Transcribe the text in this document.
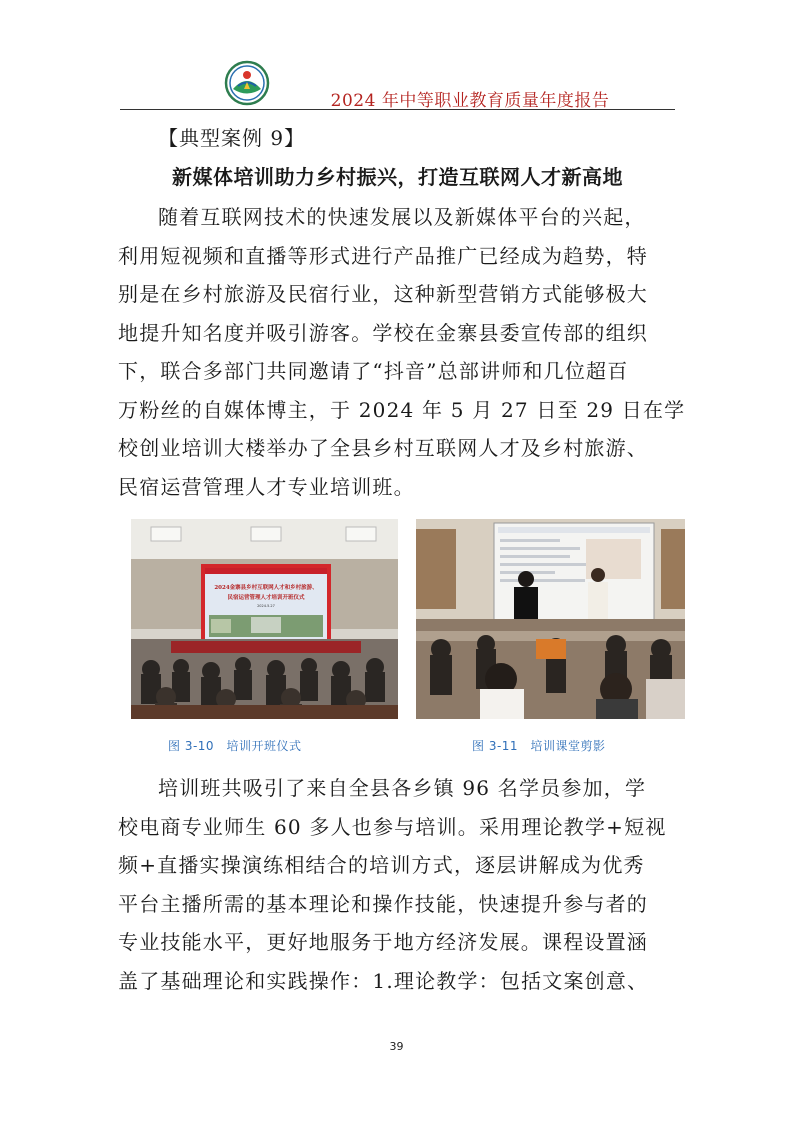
2024 年中等职业教育质量年度报告
【典型案例 9】
新媒体培训助力乡村振兴，打造互联网人才新高地

随着互联网技术的快速发展以及新媒体平台的兴起，
利用短视频和直播等形式进行产品推广已经成为趋势，特
别是在乡村旅游及民宿行业，这种新型营销方式能够极大
地提升知名度并吸引游客。学校在金寨县委宣传部的组织
下，联合多部门共同邀请了“抖音”总部讲师和几位超百
万粉丝的自媒体博主，于 2024 年 5 月 27 日至 29 日在学
校创业培训大楼举办了全县乡村互联网人才及乡村旅游、
民宿运营管理人才专业培训班。

2024金寨县乡村互联网人才和乡村旅游、
民宿运营管理人才培训开班仪式
2024.5.27
图 3-10　培训开班仪式	图 3-11　培训课堂剪影

培训班共吸引了来自全县各乡镇 96 名学员参加，学
校电商专业师生 60 多人也参与培训。采用理论教学+短视
频+直播实操演练相结合的培训方式，逐层讲解成为优秀
平台主播所需的基本理论和操作技能，快速提升参与者的
专业技能水平，更好地服务于地方经济发展。课程设置涵
盖了基础理论和实践操作：1.理论教学：包括文案创意、

39
